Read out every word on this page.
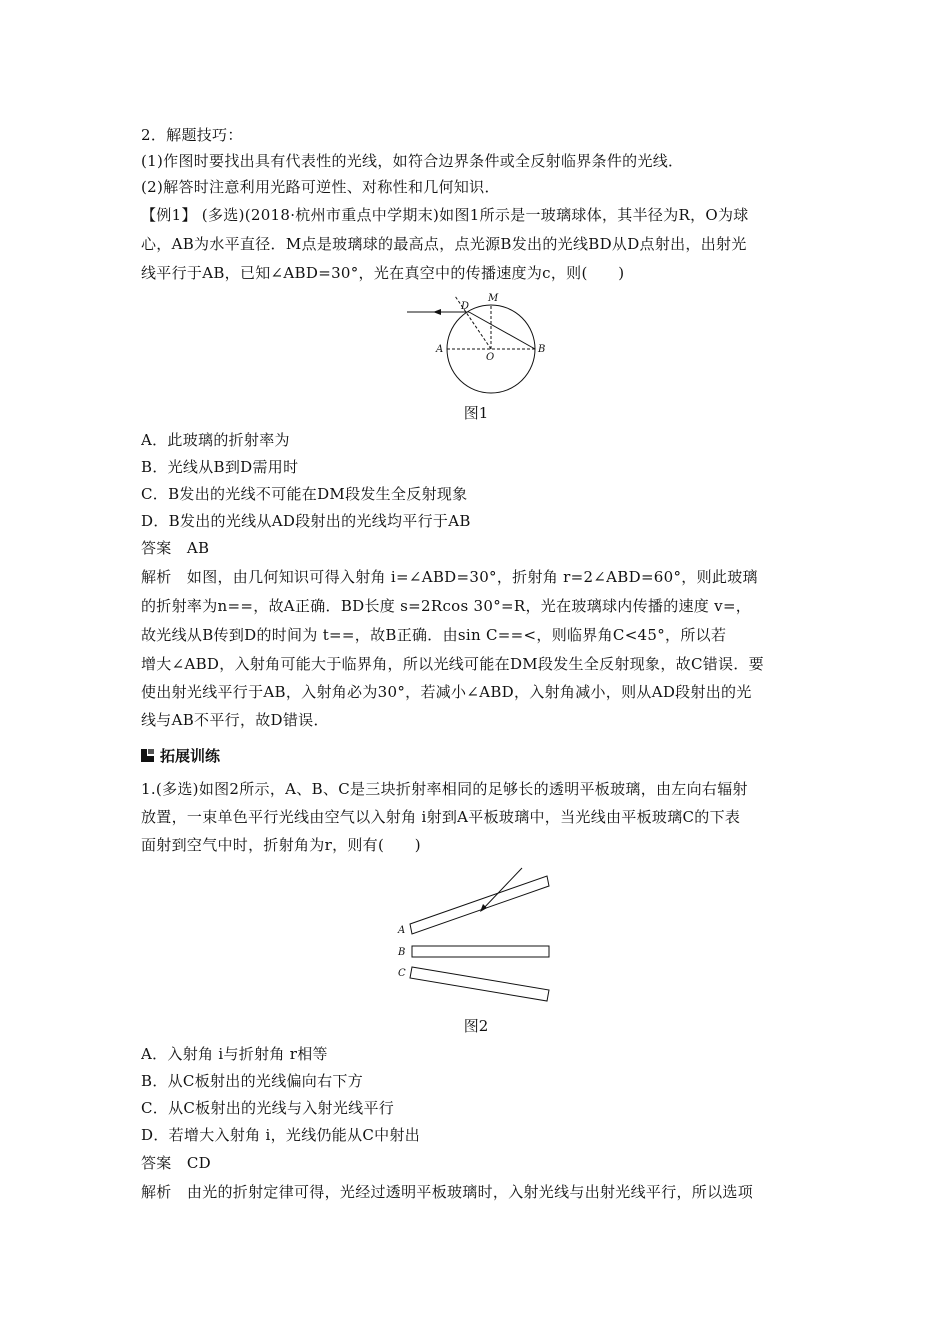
2．解题技巧：
(1)作图时要找出具有代表性的光线，如符合边界条件或全反射临界条件的光线．
(2)解答时注意利用光路可逆性、对称性和几何知识．
【例1】 (多选)(2018·杭州市重点中学期末)如图1所示是一玻璃球体，其半径为R，O为球
心，AB为水平直径．M点是玻璃球的最高点，点光源B发出的光线BD从D点射出，出射光
线平行于AB，已知∠ABD=30°，光在真空中的传播速度为c，则(　　)
D
M
A
O
B
图1
A．此玻璃的折射率为
B．光线从B到D需用时
C．B发出的光线不可能在DM段发生全反射现象
D．B发出的光线从AD段射出的光线均平行于AB
答案　AB
解析　如图，由几何知识可得入射角 i=∠ABD=30°，折射角 r=2∠ABD=60°，则此玻璃
的折射率为n==，故A正确．BD长度 s=2Rcos 30°=R，光在玻璃球内传播的速度 v=，
故光线从B传到D的时间为 t==，故B正确．由sin C==<，则临界角C<45°，所以若
增大∠ABD，入射角可能大于临界角，所以光线可能在DM段发生全反射现象，故C错误．要
使出射光线平行于AB，入射角必为30°，若减小∠ABD，入射角减小，则从AD段射出的光
线与AB不平行，故D错误．
拓展训练
1.(多选)如图2所示，A、B、C是三块折射率相同的足够长的透明平板玻璃，由左向右辐射
放置，一束单色平行光线由空气以入射角 i射到A平板玻璃中，当光线由平板玻璃C的下表
面射到空气中时，折射角为r，则有(　　)
A
B
C
图2
A．入射角 i与折射角 r相等
B．从C板射出的光线偏向右下方
C．从C板射出的光线与入射光线平行
D．若增大入射角 i，光线仍能从C中射出
答案　CD
解析　由光的折射定律可得，光经过透明平板玻璃时，入射光线与出射光线平行，所以选项
